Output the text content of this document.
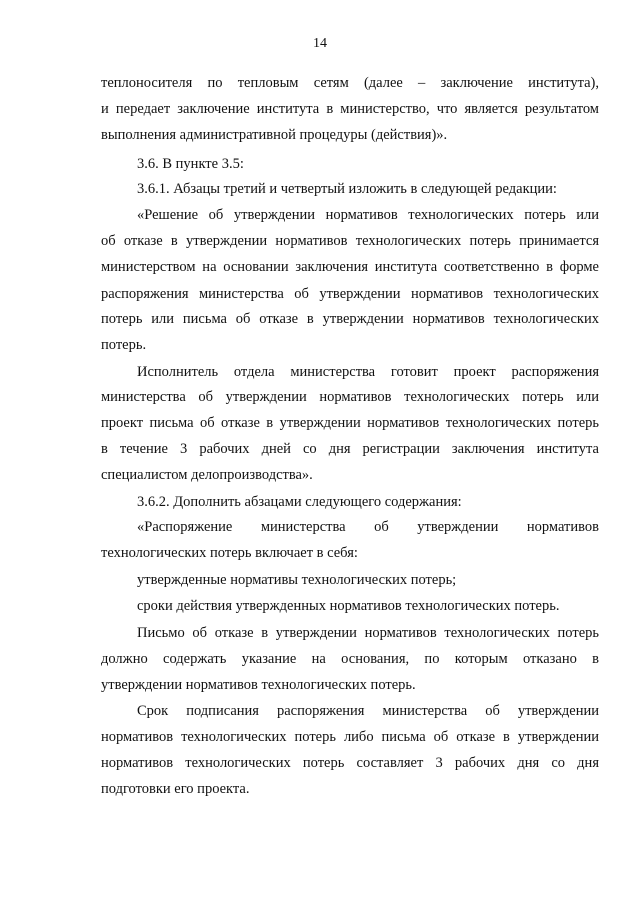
14
теплоносителя по тепловым сетям (далее – заключение института),
и передает заключение института в министерство, что является результатом
выполнения административной процедуры (действия)».
3.6. В пункте 3.5:
3.6.1. Абзацы третий и четвертый изложить в следующей редакции:
«Решение об утверждении нормативов технологических потерь или
об отказе в утверждении нормативов технологических потерь принимается
министерством на основании заключения института соответственно в форме
распоряжения министерства об утверждении нормативов технологических
потерь или письма об отказе в утверждении нормативов технологических
потерь.
Исполнитель отдела министерства готовит проект распоряжения
министерства об утверждении нормативов технологических потерь или
проект письма об отказе в утверждении нормативов технологических потерь
в течение 3 рабочих дней со дня регистрации заключения института
специалистом делопроизводства».
3.6.2. Дополнить абзацами следующего содержания:
«Распоряжение министерства об утверждении нормативов
технологических потерь включает в себя:
утвержденные нормативы технологических потерь;
сроки действия утвержденных нормативов технологических потерь.
Письмо об отказе в утверждении нормативов технологических потерь
должно содержать указание на основания, по которым отказано в
утверждении нормативов технологических потерь.
Срок подписания распоряжения министерства об утверждении
нормативов технологических потерь либо письма об отказе в утверждении
нормативов технологических потерь составляет 3 рабочих дня со дня
подготовки его проекта.
